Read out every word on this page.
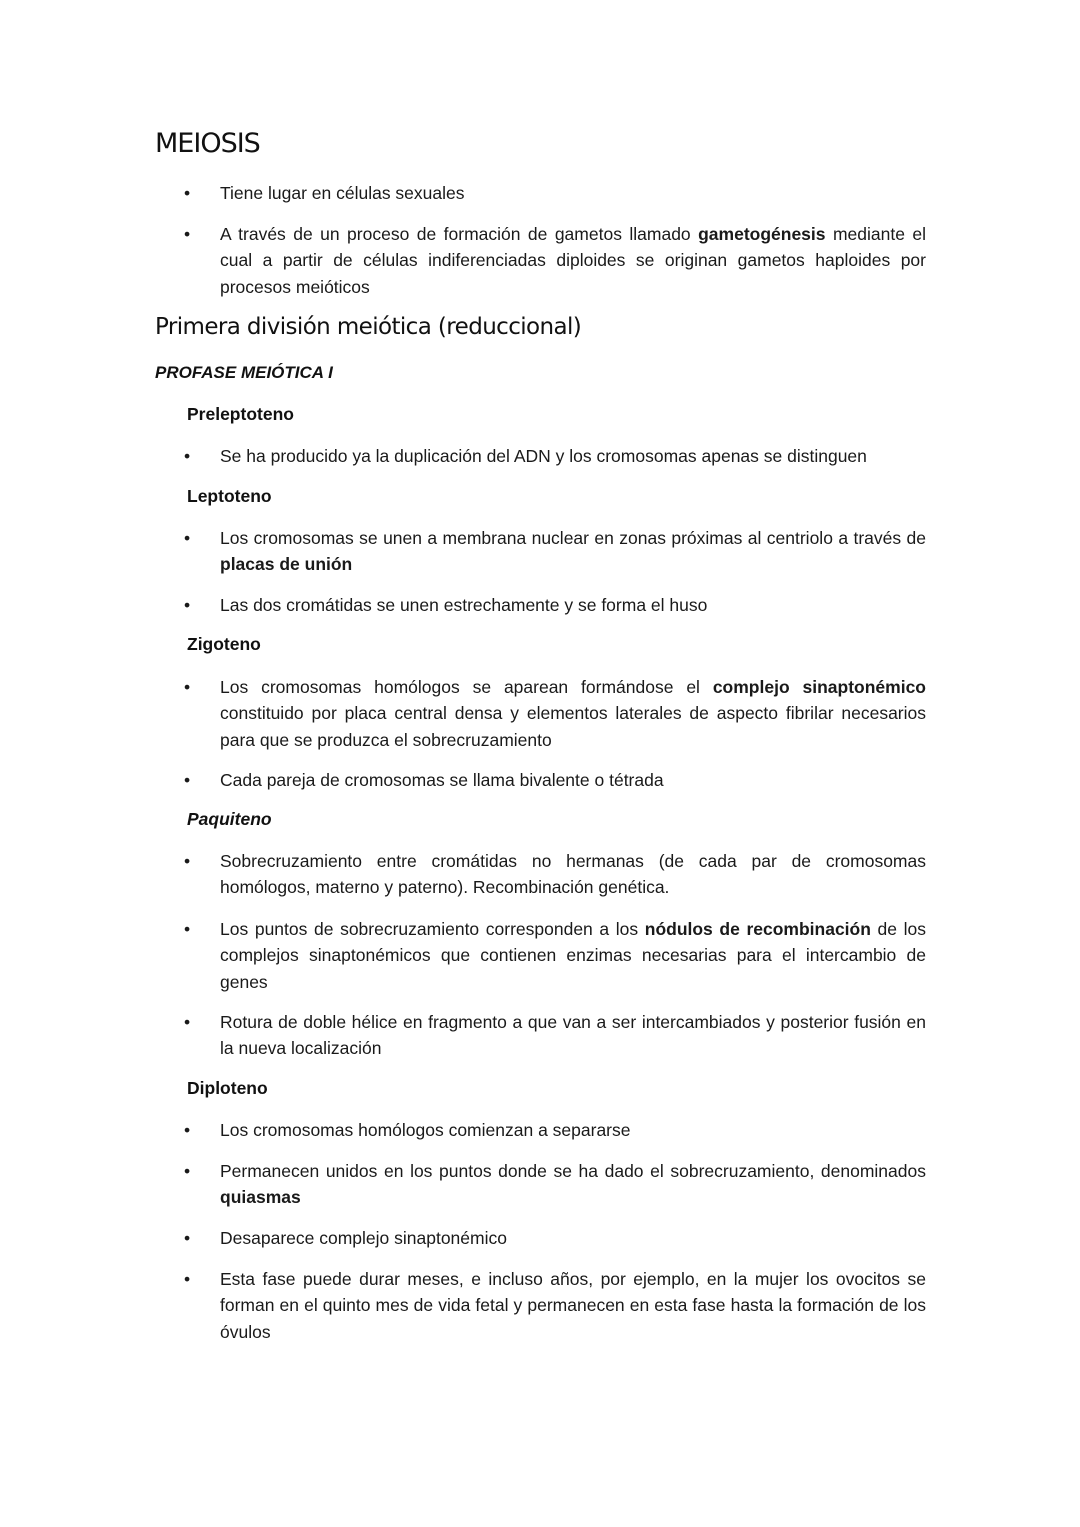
MEIOSIS
• Tiene lugar en células sexuales

• A través de un proceso de formación de gametos llamado gametogénesis mediante el cual a partir de células indiferenciadas diploides se originan gametos haploides por procesos meióticos

Primera división meiótica (reduccional)
PROFASE MEIÓTICA I
Preleptoteno
• Se ha producido ya la duplicación del ADN y los cromosomas apenas se distinguen

Leptoteno
• Los cromosomas se unen a membrana nuclear en zonas próximas al centriolo a través de placas de unión

• Las dos cromátidas se unen estrechamente y se forma el huso

Zigoteno
• Los cromosomas homólogos se aparean formándose el complejo sinaptonémico constituido por placa central densa y elementos laterales de aspecto fibrilar necesarios para que se produzca el sobrecruzamiento

• Cada pareja de cromosomas se llama bivalente o tétrada

Paquiteno
• Sobrecruzamiento entre cromátidas no hermanas (de cada par de cromosomas homólogos, materno y paterno). Recombinación genética.

• Los puntos de sobrecruzamiento corresponden a los nódulos de recombinación de los complejos sinaptonémicos que contienen enzimas necesarias para el intercambio de genes

• Rotura de doble hélice en fragmento a que van a ser intercambiados y posterior fusión en la nueva localización

Diploteno
• Los cromosomas homólogos comienzan a separarse

• Permanecen unidos en los puntos donde se ha dado el sobrecruzamiento, denominados quiasmas

• Desaparece complejo sinaptonémico

• Esta fase puede durar meses, e incluso años, por ejemplo, en la mujer los ovocitos se forman en el quinto mes de vida fetal y permanecen en esta fase hasta la formación de los óvulos
